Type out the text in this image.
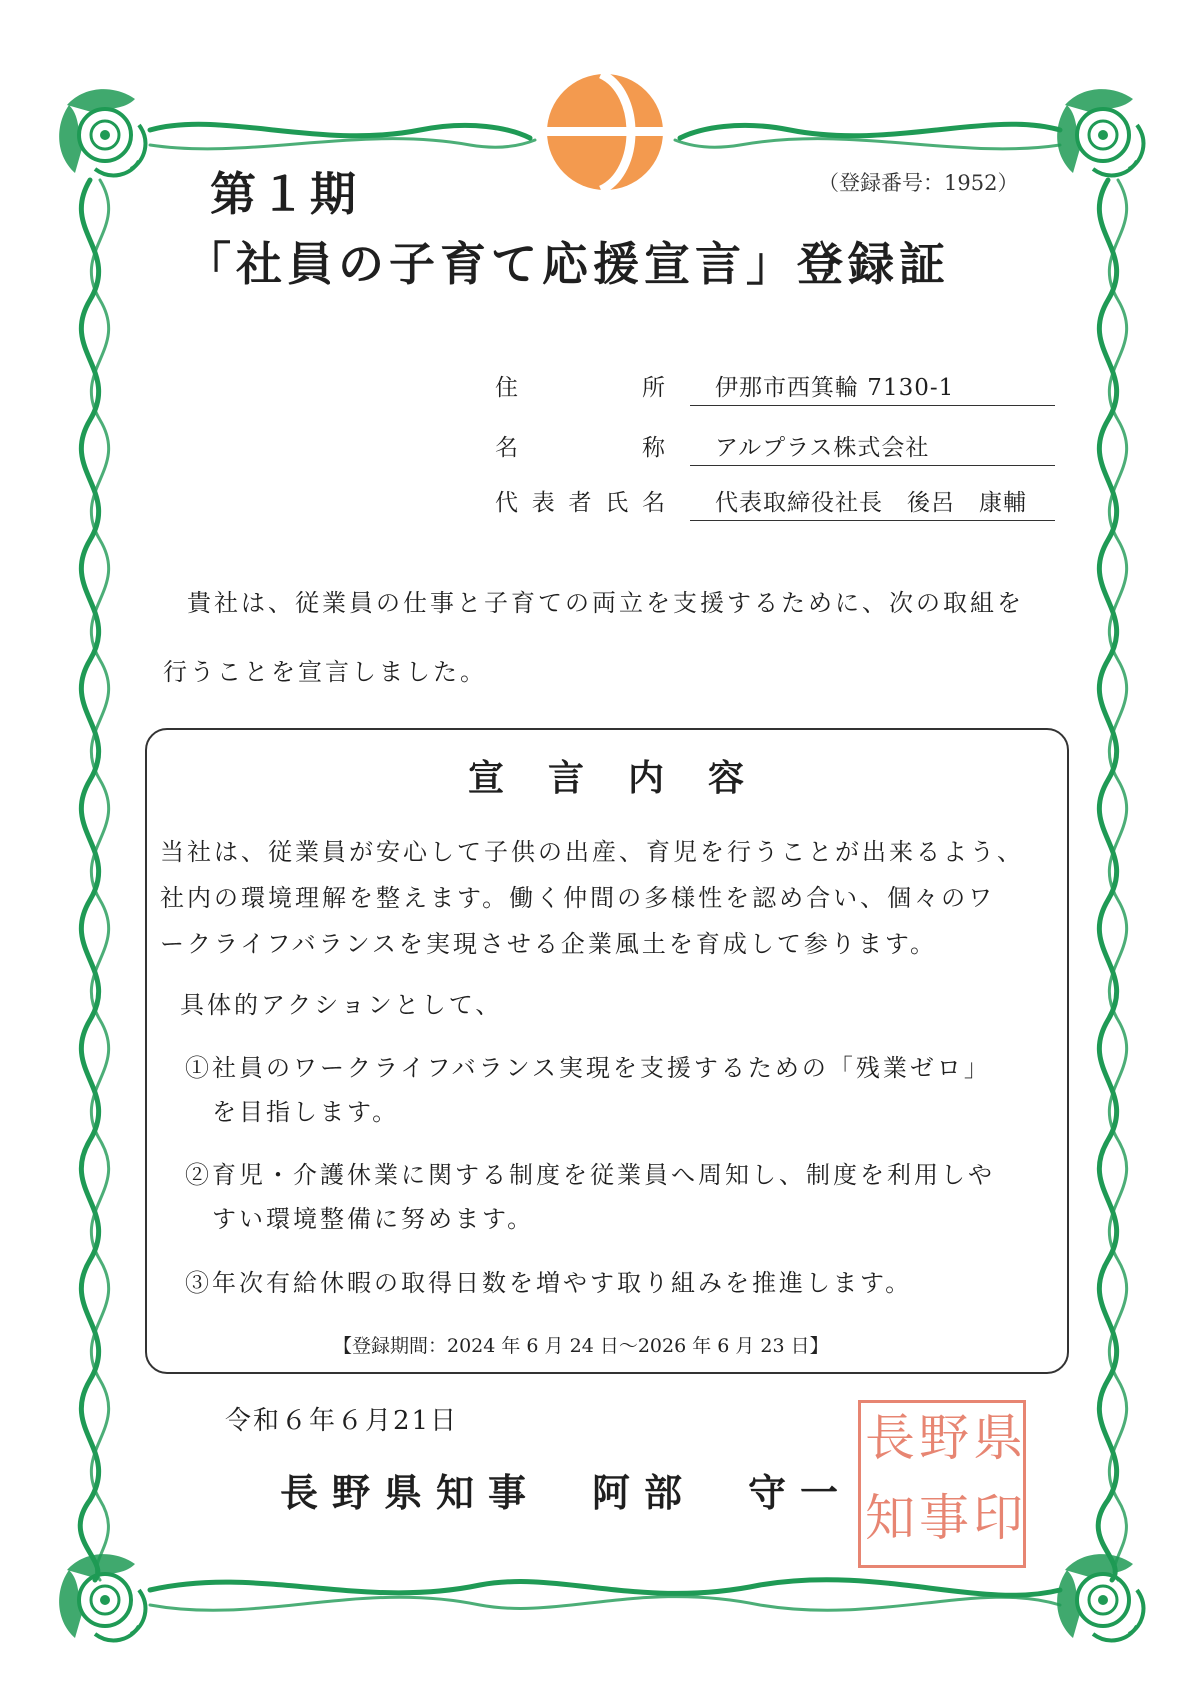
第１期	（登録番号：1952）
「社員の子育て応援宣言」登録証
住	所 伊那市西箕輪 7130-1
名	称 アルプラス株式会社
代 表 者 氏 名 代表取締役社長　後呂　康輔
　貴社は、従業員の仕事と子育ての両立を支援するために、次の取組を
行うことを宣言しました。
宣言内容
当社は、従業員が安心して子供の出産、育児を行うことが出来るよう、
社内の環境理解を整えます。働く仲間の多様性を認め合い、個々のワ
ークライフバランスを実現させる企業風土を育成して参ります。
具体的アクションとして、
①社員のワークライフバランス実現を支援するための「残業ゼロ」
　を目指します。
②育児・介護休業に関する制度を従業員へ周知し、制度を利用しや
　すい環境整備に努めます。
③年次有給休暇の取得日数を増やす取り組みを推進します。
【登録期間：2024 年 6 月 24 日～2026 年 6 月 23 日】
令和６年６月21日
長野県知事　阿部　守一
県
印
野
事
長
知
